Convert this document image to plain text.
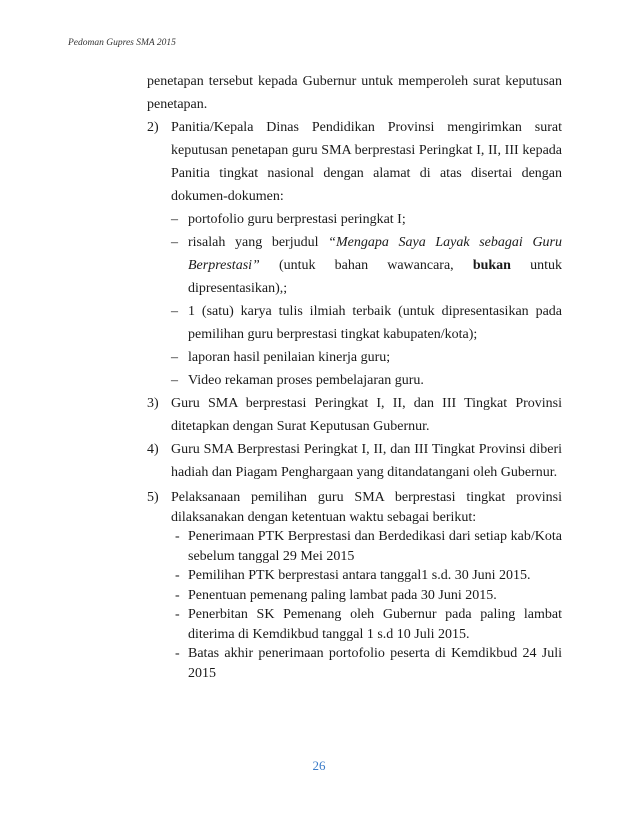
Pedoman Gupres SMA 2015

penetapan tersebut kepada Gubernur untuk memperoleh surat keputusan penetapan.

2) Panitia/Kepala Dinas Pendidikan Provinsi mengirimkan surat keputusan penetapan guru SMA berprestasi Peringkat I, II, III kepada Panitia tingkat nasional dengan alamat di atas disertai dengan dokumen-dokumen:
– portofolio guru berprestasi peringkat I;
– risalah yang berjudul “Mengapa Saya Layak sebagai Guru Berprestasi” (untuk bahan wawancara, bukan untuk dipresentasikan),;
– 1 (satu) karya tulis ilmiah terbaik (untuk dipresentasikan pada pemilihan guru berprestasi tingkat kabupaten/kota);
– laporan hasil penilaian kinerja guru;
– Video rekaman proses pembelajaran guru.
3) Guru SMA berprestasi Peringkat I, II, dan III Tingkat Provinsi ditetapkan dengan Surat Keputusan Gubernur.
4) Guru SMA Berprestasi Peringkat I, II, dan III Tingkat Provinsi diberi hadiah dan Piagam Penghargaan yang ditandatangani oleh Gubernur.
5) Pelaksanaan pemilihan guru SMA berprestasi tingkat provinsi dilaksanakan dengan ketentuan waktu sebagai berikut:
- Penerimaan PTK Berprestasi dan Berdedikasi dari setiap kab/Kota sebelum tanggal 29 Mei 2015
- Pemilihan PTK berprestasi antara tanggal1 s.d. 30 Juni 2015.
- Penentuan pemenang paling lambat pada 30 Juni 2015.
- Penerbitan SK Pemenang oleh Gubernur pada paling lambat diterima di Kemdikbud tanggal 1 s.d 10 Juli 2015.
- Batas akhir penerimaan portofolio peserta di Kemdikbud 24 Juli 2015
26
